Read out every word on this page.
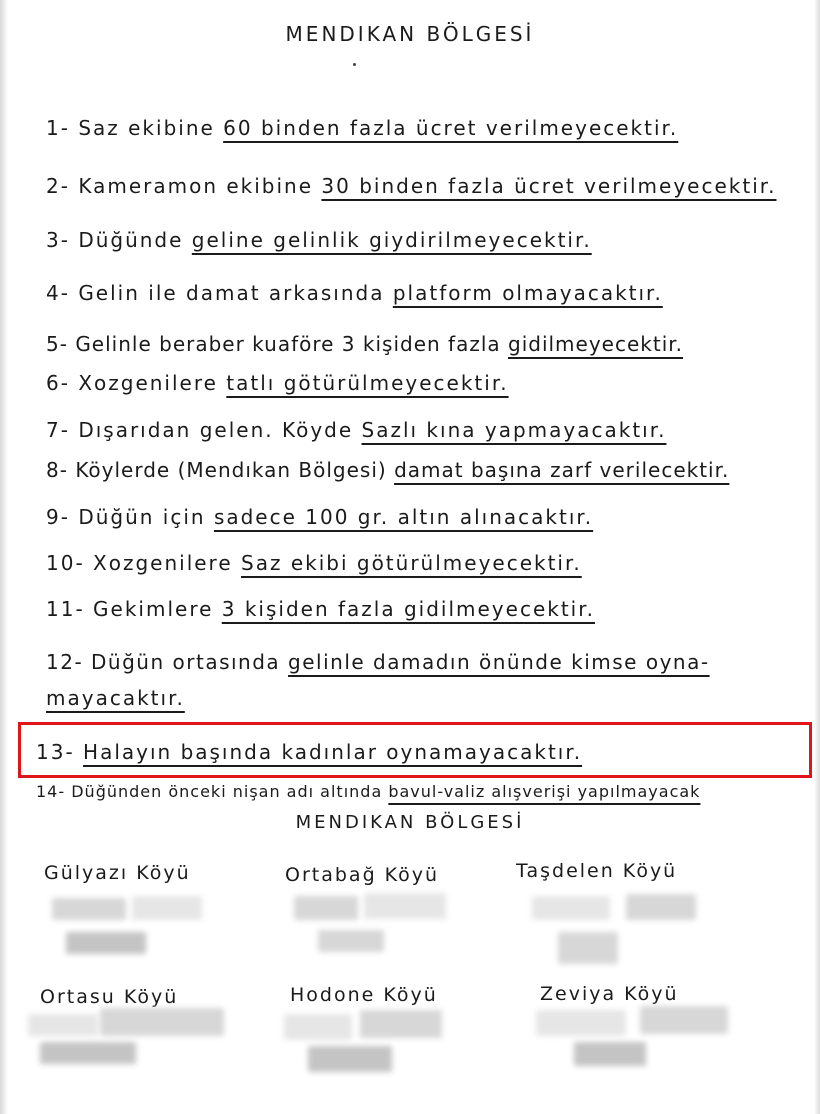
MENDIKAN BÖLGESİ
1- Saz ekibine 60 binden fazla ücret verilmeyecektir.
2- Kameramon ekibine 30 binden fazla ücret verilmeyecektir.
3- Düğünde geline gelinlik giydirilmeyecektir.
4- Gelin ile damat arkasında platform olmayacaktır.
5- Gelinle beraber kuaföre 3 kişiden fazla gidilmeyecektir.
6- Xozgenilere tatlı götürülmeyecektir.
7- Dışarıdan gelen. Köyde Sazlı kına yapmayacaktır.
8- Köylerde (Mendıkan Bölgesi) damat başına zarf verilecektir.
9- Düğün için sadece 100 gr. altın alınacaktır.
10- Xozgenilere Saz ekibi götürülmeyecektir.
11- Gekimlere 3 kişiden fazla gidilmeyecektir.
12- Düğün ortasında gelinle damadın önünde kimse oyna-
mayacaktır.
13- Halayın başında kadınlar oynamayacaktır.
14- Düğünden önceki nişan adı altında bavul-valiz alışverişi yapılmayacak
MENDIKAN BÖLGESİ
Gülyazı Köyü	Ortabağ Köyü	Taşdelen Köyü
Ortasu Köyü	Hodone Köyü	Zeviya Köyü
